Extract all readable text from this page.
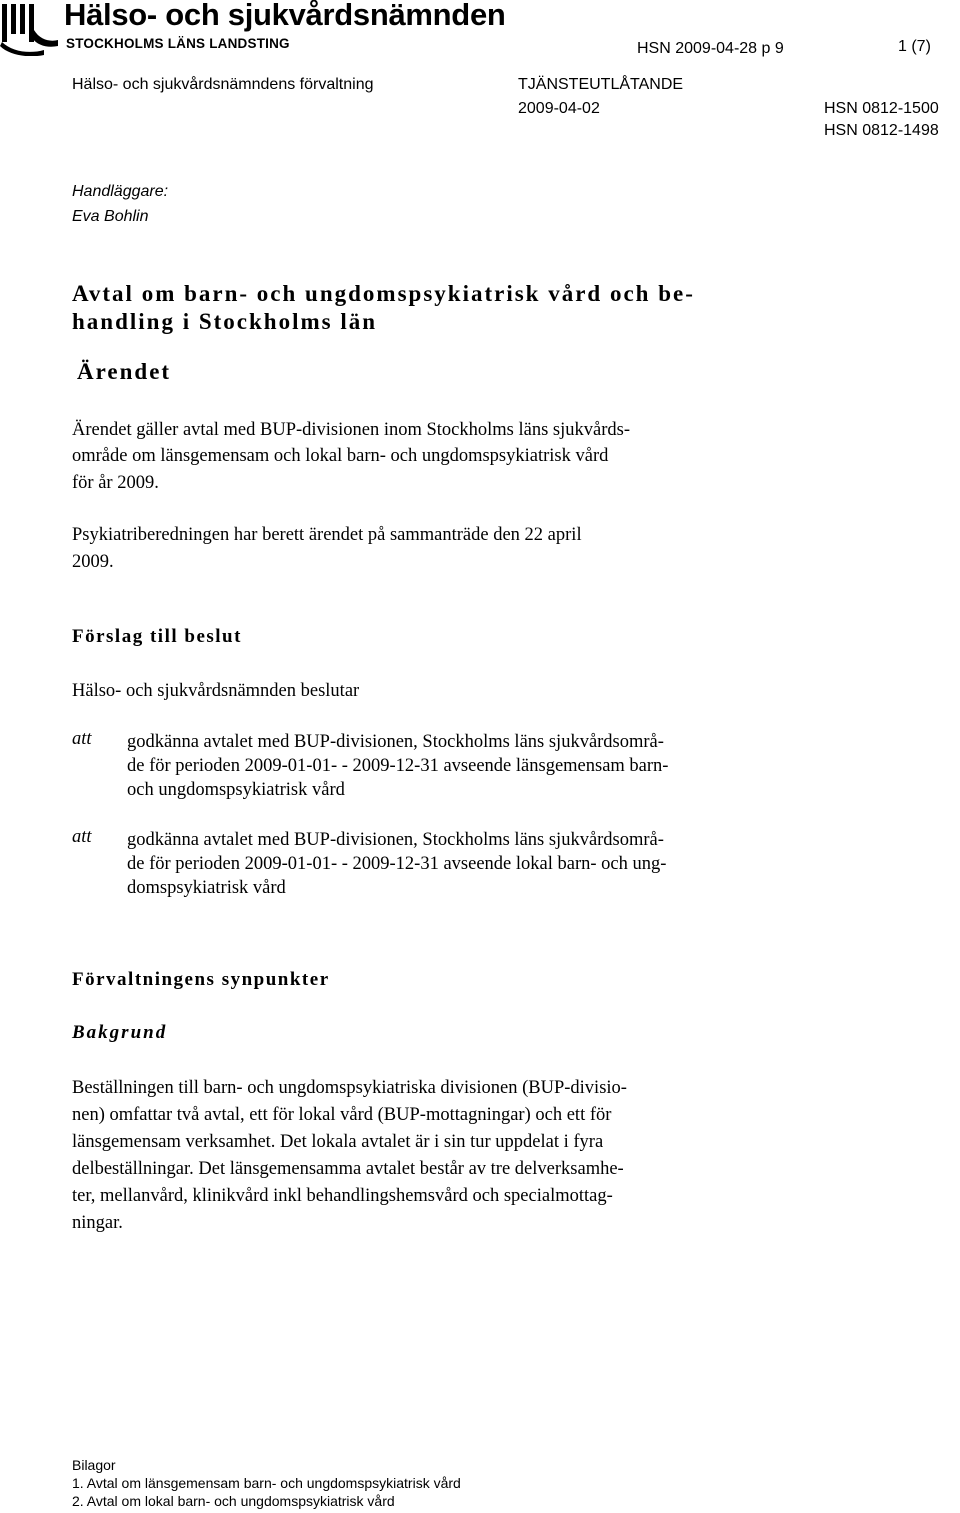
Hälso- och sjukvårdsnämnden
STOCKHOLMS LÄNS LANDSTING	HSN 2009-04-28 p 9	1 (7)
Hälso- och sjukvårdsnämndens förvaltning	TJÄNSTEUTLÅTANDE
2009-04-02	HSN 0812-1500
HSN 0812-1498
Handläggare:
Eva Bohlin
Avtal om barn- och ungdomspsykiatrisk vård och be-
handling i Stockholms län
Ärendet
Ärendet gäller avtal med BUP-divisionen inom Stockholms läns sjukvårds-
område om länsgemensam och lokal barn- och ungdomspsykiatrisk vård
för år 2009.
Psykiatriberedningen har berett ärendet på sammanträde den 22 april
2009.
Förslag till beslut
Hälso- och sjukvårdsnämnden beslutar
att godkänna avtalet med BUP-divisionen, Stockholms läns sjukvårdsområ-
de för perioden 2009-01-01- - 2009-12-31 avseende länsgemensam barn-
och ungdomspsykiatrisk vård
att godkänna avtalet med BUP-divisionen, Stockholms läns sjukvårdsområ-
de för perioden 2009-01-01- - 2009-12-31 avseende lokal barn- och ung-
domspsykiatrisk vård
Förvaltningens synpunkter
Bakgrund
Beställningen till barn- och ungdomspsykiatriska divisionen (BUP-divisio-
nen) omfattar två avtal, ett för lokal vård (BUP-mottagningar) och ett för
länsgemensam verksamhet. Det lokala avtalet är i sin tur uppdelat i fyra
delbeställningar. Det länsgemensamma avtalet består av tre delverksamhe-
ter, mellanvård, klinikvård inkl behandlingshemsvård och specialmottag-
ningar.
Bilagor
1. Avtal om länsgemensam barn- och ungdomspsykiatrisk vård
2. Avtal om lokal barn- och ungdomspsykiatrisk vård
